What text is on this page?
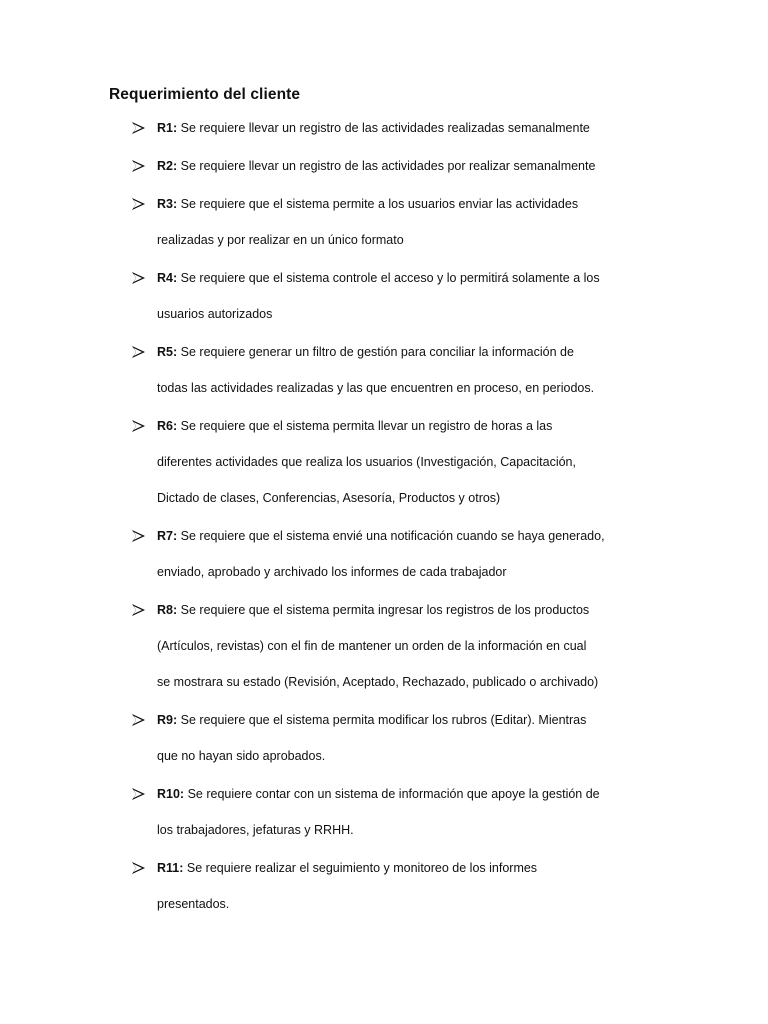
Requerimiento del cliente
R1: Se requiere llevar un registro de las actividades realizadas semanalmente
R2: Se requiere llevar un registro de las actividades por realizar semanalmente
R3: Se requiere que el sistema permite a los usuarios enviar las actividades
realizadas y por realizar en un único formato
R4: Se requiere que el sistema controle el acceso y lo permitirá solamente a los
usuarios autorizados
R5: Se requiere generar un filtro de gestión para conciliar la información de
todas las actividades realizadas y las que encuentren en proceso, en periodos.
R6: Se requiere que el sistema permita llevar un registro de horas a las
diferentes actividades que realiza los usuarios (Investigación, Capacitación,
Dictado de clases, Conferencias, Asesoría, Productos y otros)
R7: Se requiere que el sistema envié una notificación cuando se haya generado,
enviado, aprobado y archivado los informes de cada trabajador
R8: Se requiere que el sistema permita ingresar los registros de los productos
(Artículos, revistas) con el fin de mantener un orden de la información en cual
se mostrara su estado (Revisión, Aceptado, Rechazado, publicado o archivado)
R9: Se requiere que el sistema permita modificar los rubros (Editar). Mientras
que no hayan sido aprobados.
R10: Se requiere contar con un sistema de información que apoye la gestión de
los trabajadores, jefaturas y RRHH.
R11: Se requiere realizar el seguimiento y monitoreo de los informes
presentados.
